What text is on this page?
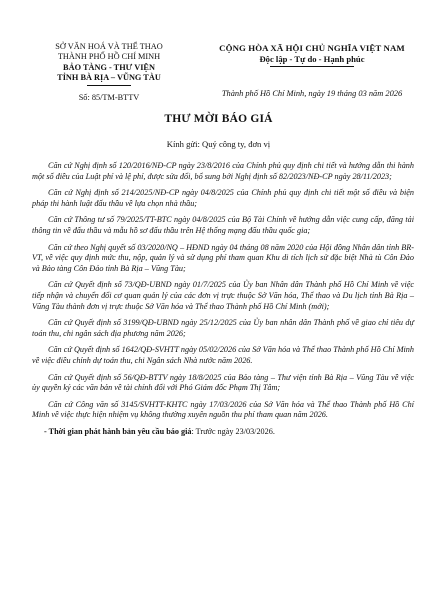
SỞ VĂN HOÁ VÀ THỂ THAO
THÀNH PHỐ HỒ CHÍ MINH
BẢO TÀNG - THƯ VIỆN
TỈNH BÀ RỊA – VŨNG TÀU
Số: 85/TM-BTTV
CỘNG HÒA XÃ HỘI CHỦ NGHĨA VIỆT NAM
Độc lập - Tự do - Hạnh phúc
Thành phố Hồ Chí Minh, ngày 19 tháng 03 năm 2026
THƯ MỜI BÁO GIÁ
Kính gửi: Quý công ty, đơn vị

Căn cứ Nghị định số 120/2016/NĐ-CP ngày 23/8/2016 của Chính phủ quy định chi tiết và hướng dẫn thi hành một số điều của Luật phí và lệ phí, được sửa đổi, bổ sung bởi Nghị định số 82/2023/NĐ-CP ngày 28/11/2023;

Căn cứ Nghị định số 214/2025/NĐ-CP ngày 04/8/2025 của Chính phủ quy định chi tiết một số điều và biện pháp thi hành luật đấu thầu về lựa chọn nhà thầu;

Căn cứ Thông tư số 79/2025/TT-BTC ngày 04/8/2025 của Bộ Tài Chính về hướng dẫn việc cung cấp, đăng tải thông tin về đấu thầu và mẫu hồ sơ đấu thầu trên Hệ thống mạng đấu thầu quốc gia;

Căn cứ theo Nghị quyết số 03/2020/NQ – HĐND ngày 04 tháng 08 năm 2020 của Hội đồng Nhân dân tỉnh BR- VT, về việc quy định mức thu, nộp, quản lý và sử dụng phí tham quan Khu di tích lịch sử đặc biệt Nhà tù Côn Đảo và Bảo tàng Côn Đảo tỉnh Bà Rịa – Vũng Tàu;

Căn cứ Quyết định số 73/QĐ-UBND ngày 01/7/2025 của Ủy ban Nhân dân Thành phố Hồ Chí Minh về việc tiếp nhận và chuyển đổi cơ quan quản lý của các đơn vị trực thuộc Sở Văn hóa, Thể thao và Du lịch tỉnh Bà Rịa – Vũng Tàu thành đơn vị trực thuộc Sở Văn hóa và Thể thao Thành phố Hồ Chí Minh (mới);

Căn cứ Quyết định số 3199/QĐ-UBND ngày 25/12/2025 của Ủy ban nhân dân Thành phố về giao chỉ tiêu dự toán thu, chi ngân sách địa phương năm 2026;

Căn cứ Quyết định số 1642/QĐ-SVHTT ngày 05/02/2026 của Sở Văn hóa và Thể thao Thành phố Hồ Chí Minh về việc điều chỉnh dự toán thu, chi Ngân sách Nhà nước năm 2026.

Căn cứ Quyết định số 56/QĐ-BTTV ngày 18/8/2025 của Bảo tàng – Thư viện tỉnh Bà Rịa – Vũng Tàu về việc ủy quyền ký các văn bản về tài chính đối với Phó Giám đốc Phạm Thị Tâm;

Căn cứ Công văn số 3145/SVHTT-KHTC ngày 17/03/2026 của Sở Văn hóa và Thể thao Thành phố Hồ Chí Minh về việc thực hiện nhiệm vụ không thường xuyên nguồn thu phí tham quan năm 2026.

- Thời gian phát hành bản yêu cầu báo giá: Trước ngày 23/03/2026.
